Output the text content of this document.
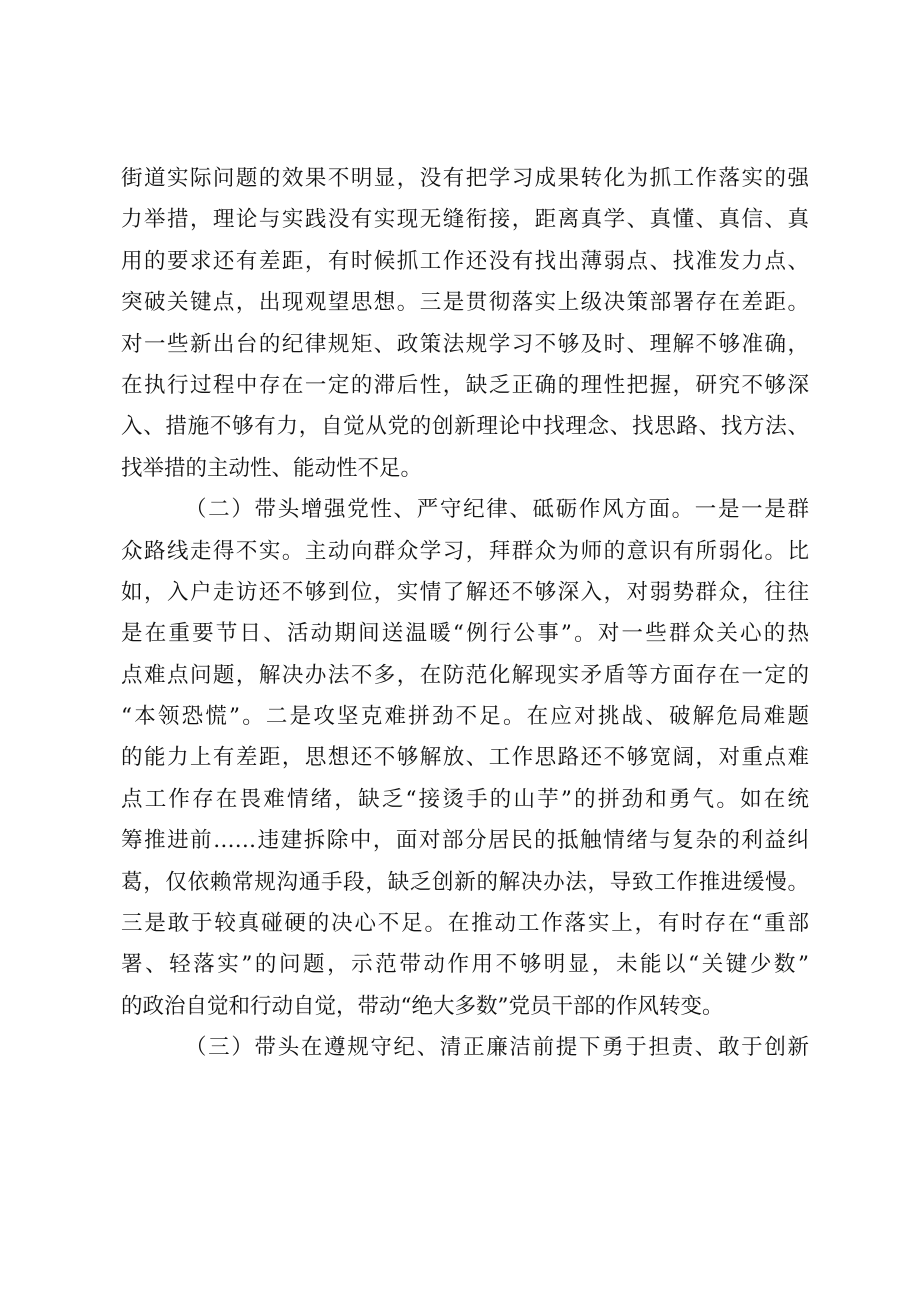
街道实际问题的效果不明显，没有把学习成果转化为抓工作落实的强
力举措，理论与实践没有实现无缝衔接，距离真学、真懂、真信、真
用的要求还有差距，有时候抓工作还没有找出薄弱点、找准发力点、
突破关键点，出现观望思想。三是贯彻落实上级决策部署存在差距。
对一些新出台的纪律规矩、政策法规学习不够及时、理解不够准确，
在执行过程中存在一定的滞后性，缺乏正确的理性把握，研究不够深
入、措施不够有力，自觉从党的创新理论中找理念、找思路、找方法、
找举措的主动性、能动性不足。
（二）带头增强党性、严守纪律、砥砺作风方面。一是一是群
众路线走得不实。主动向群众学习，拜群众为师的意识有所弱化。比
如，入户走访还不够到位，实情了解还不够深入，对弱势群众，往往
是在重要节日、活动期间送温暖“例行公事”。对一些群众关心的热
点难点问题，解决办法不多，在防范化解现实矛盾等方面存在一定的
“本领恐慌”。二是攻坚克难拼劲不足。在应对挑战、破解危局难题
的能力上有差距，思想还不够解放、工作思路还不够宽阔，对重点难
点工作存在畏难情绪，缺乏“接烫手的山芋”的拼劲和勇气。如在统
筹推进前……违建拆除中，面对部分居民的抵触情绪与复杂的利益纠
葛，仅依赖常规沟通手段，缺乏创新的解决办法，导致工作推进缓慢。
三是敢于较真碰硬的决心不足。在推动工作落实上，有时存在“重部
署、轻落实”的问题，示范带动作用不够明显，未能以“关键少数”
的政治自觉和行动自觉，带动“绝大多数”党员干部的作风转变。
（三）带头在遵规守纪、清正廉洁前提下勇于担责、敢于创新
